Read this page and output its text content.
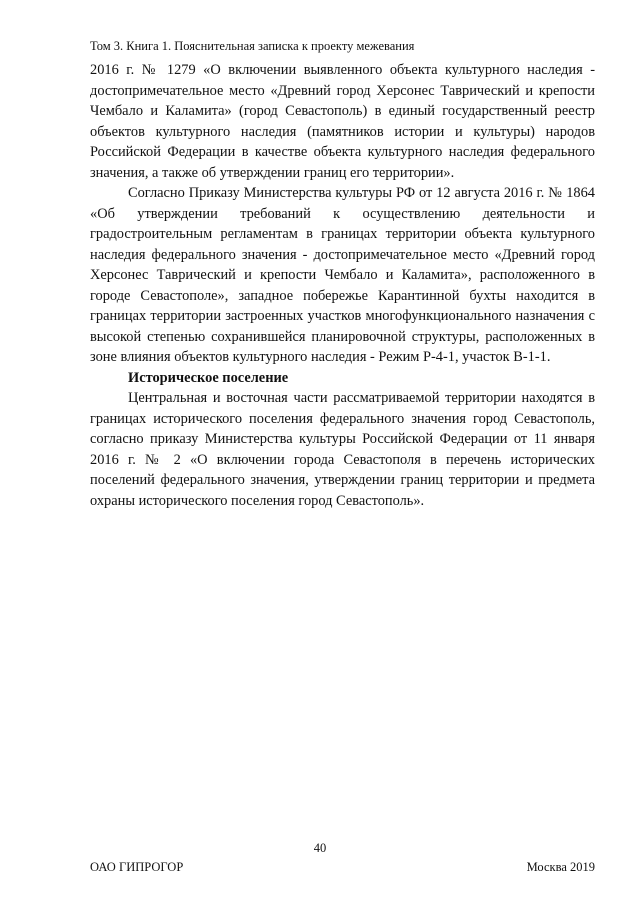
Том 3. Книга 1. Пояснительная записка к проекту межевания

2016 г. № 1279 «О включении выявленного объекта культурного наследия - достопримечательное место «Древний город Херсонес Таврический и крепости Чембало и Каламита» (город Севастополь) в единый государственный реестр объектов культурного наследия (памятников истории и культуры) народов Российской Федерации в качестве объекта культурного наследия федерального значения, а также об утверждении границ его территории».

Согласно Приказу Министерства культуры РФ от 12 августа 2016 г. № 1864 «Об утверждении требований к осуществлению деятельности и градостроительным регламентам в границах территории объекта культурного наследия федерального значения - достопримечательное место «Древний город Херсонес Таврический и крепости Чембало и Каламита», расположенного в городе Севастополе», западное побережье Карантинной бухты находится в границах территории застроенных участков многофункционального назначения с высокой степенью сохранившейся планировочной структуры, расположенных в зоне влияния объектов культурного наследия - Режим Р-4-1, участок В-1-1.

Историческое поселение

Центральная и восточная части рассматриваемой территории находятся в границах исторического поселения федерального значения город Севастополь, согласно приказу Министерства культуры Российской Федерации от 11 января 2016 г. № 2 «О включении города Севастополя в перечень исторических поселений федерального значения, утверждении границ территории и предмета охраны исторического поселения город Севастополь».

40
ОАО ГИПРОГОР	Москва 2019
